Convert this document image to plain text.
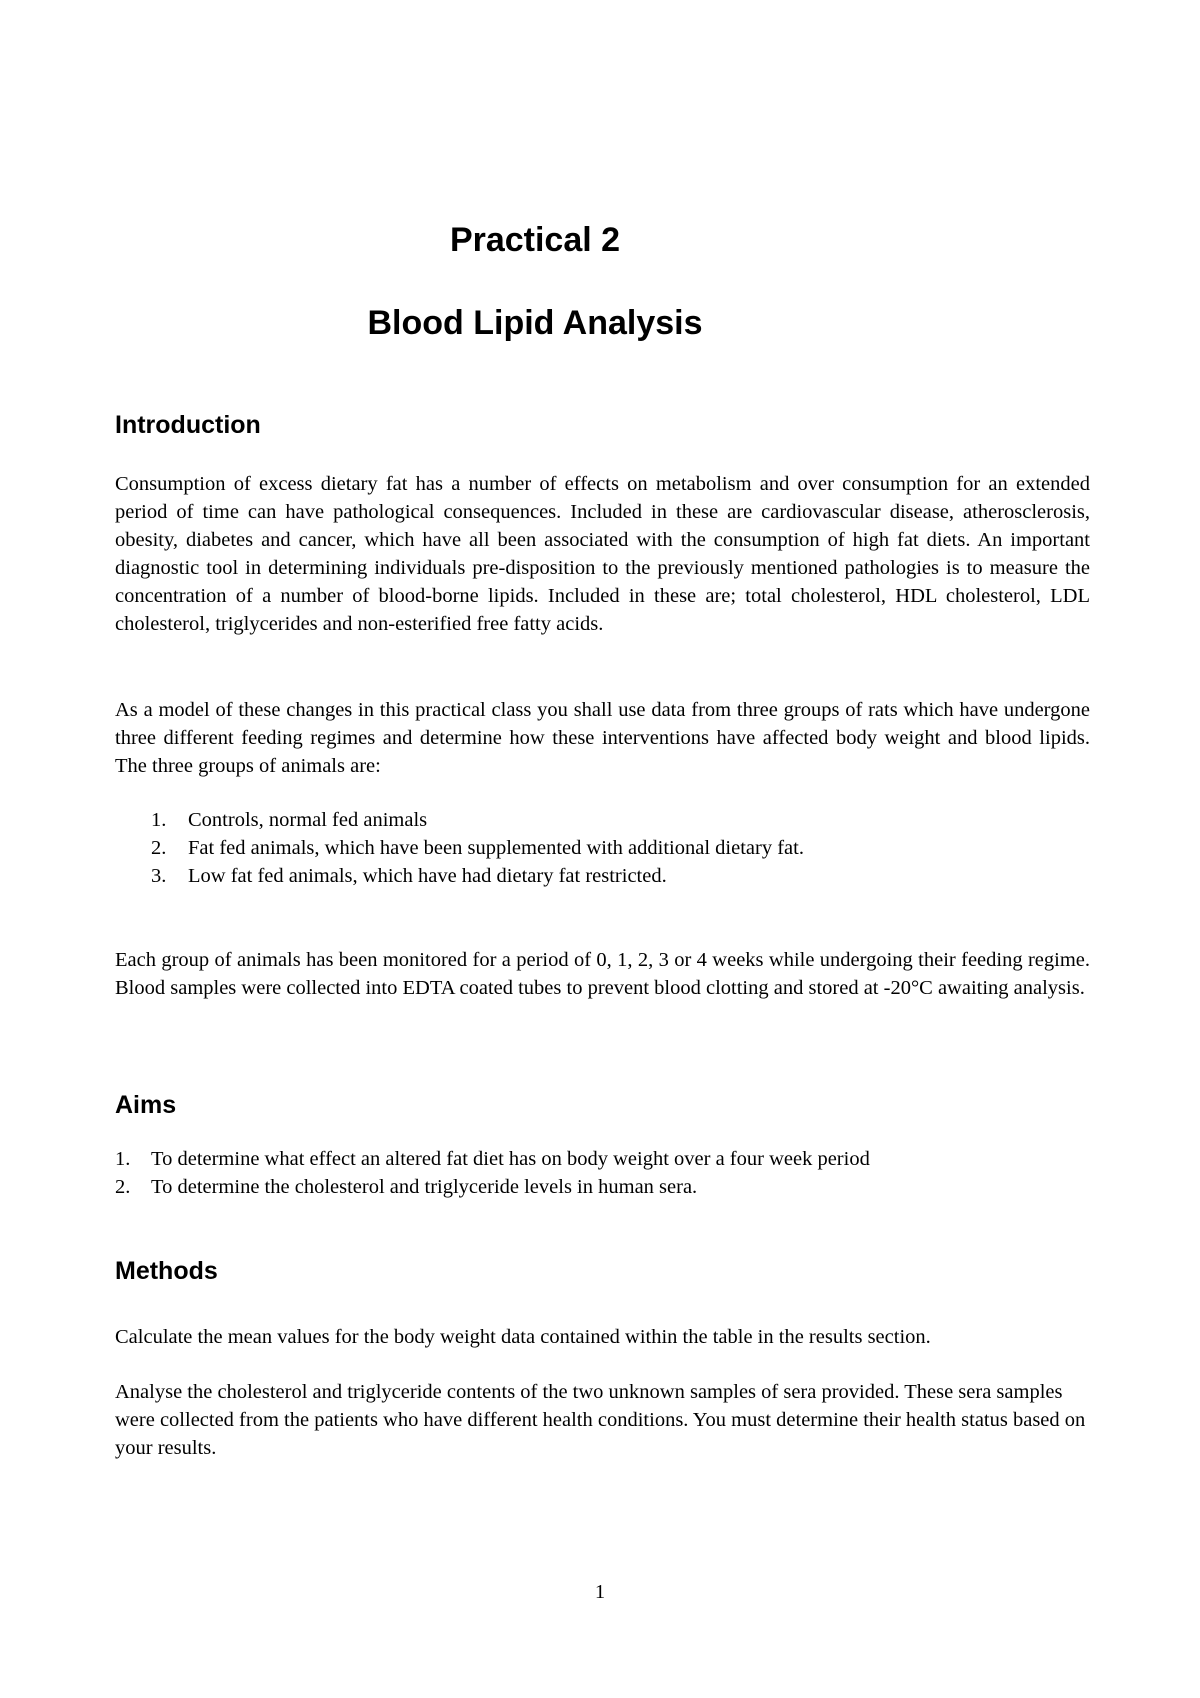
Practical 2
Blood Lipid Analysis
Introduction

Consumption of excess dietary fat has a number of effects on metabolism and over consumption for an extended period of time can have pathological consequences. Included in these are cardiovascular disease, atherosclerosis, obesity, diabetes and cancer, which have all been associated with the consumption of high fat diets. An important diagnostic tool in determining individuals pre-disposition to the previously mentioned pathologies is to measure the concentration of a number of blood-borne lipids. Included in these are; total cholesterol, HDL cholesterol, LDL cholesterol, triglycerides and non-esterified free fatty acids.

As a model of these changes in this practical class you shall use data from three groups of rats which have undergone three different feeding regimes and determine how these interventions have affected body weight and blood lipids. The three groups of animals are:

1. Controls, normal fed animals
2. Fat fed animals, which have been supplemented with additional dietary fat.
3. Low fat fed animals, which have had dietary fat restricted.

Each group of animals has been monitored for a period of 0, 1, 2, 3 or 4 weeks while undergoing their feeding regime. Blood samples were collected into EDTA coated tubes to prevent blood clotting and stored at -20°C awaiting analysis.

Aims
1. To determine what effect an altered fat diet has on body weight over a four week period
2. To determine the cholesterol and triglyceride levels in human sera.
Methods

Calculate the mean values for the body weight data contained within the table in the results section.

Analyse the cholesterol and triglyceride contents of the two unknown samples of sera provided. These sera samples were collected from the patients who have different health conditions. You must determine their health status based on your results.

1
